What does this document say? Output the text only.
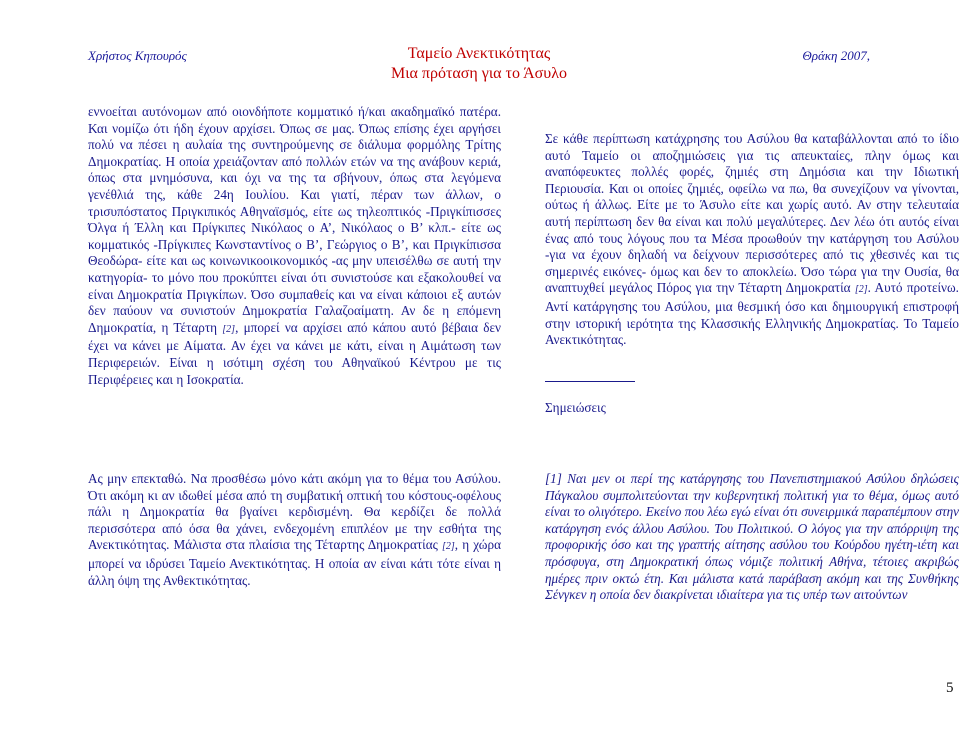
Χρήστος Κηπουρός	Ταμείο Ανεκτικότητας
Μια πρόταση για το Άσυλο
Θράκη 2007,

εννοείται αυτόνομων από οιονδήποτε κομματικό ή/και ακαδημαϊκό πατέρα. Και νομίζω ότι ήδη έχουν αρχίσει. Όπως σε μας. Όπως επίσης έχει αργήσει πολύ να πέσει η αυλαία της συντηρούμενης σε διάλυμα φορμόλης Τρίτης Δημοκρατίας. Η οποία χρειάζονταν από πολλών ετών να της ανάβουν κεριά, όπως στα μνημόσυνα, και όχι να της τα σβήνουν, όπως στα λεγόμενα γενέθλιά της, κάθε 24η Ιουλίου. Και γιατί, πέραν των άλλων, ο τρισυπόστατος Πριγκιπικός Αθηναϊσμός, είτε ως τηλεοπτικός -Πριγκίπισσες Όλγα ή Έλλη και Πρίγκιπες Νικόλαος ο Α’, Νικόλαος ο Β’ κλπ.- είτε ως κομματικός -Πρίγκιπες Κωνσταντίνος ο Β’, Γεώργιος ο Β’, και Πριγκίπισσα Θεοδώρα- είτε και ως κοινωνικοοικονομικός -ας μην υπεισέλθω σε αυτή την κατηγορία- το μόνο που προκύπτει είναι ότι συνιστούσε και εξακολουθεί να είναι Δημοκρατία Πριγκίπων. Όσο συμπαθείς και να είναι κάποιοι εξ αυτών δεν παύουν να συνιστούν Δημοκρατία Γαλαζοαίματη. Αν δε η επόμενη Δημοκρατία, η Τέταρτη [2], μπορεί να αρχίσει από κάπου αυτό βέβαια δεν έχει να κάνει με Αίματα. Αν έχει να κάνει με κάτι, είναι η Αιμάτωση των Περιφερειών. Είναι η ισότιμη σχέση του Αθηναϊκού Κέντρου με τις Περιφέρειες και η Ισοκρατία.

Σε κάθε περίπτωση κατάχρησης του Ασύλου θα καταβάλλονται από το ίδιο αυτό Ταμείο οι αποζημιώσεις για τις απευκταίες, πλην όμως και αναπόφευκτες πολλές φορές, ζημιές στη Δημόσια και την Ιδιωτική Περιουσία. Και οι οποίες ζημιές, οφείλω να πω, θα συνεχίζουν να γίνονται, ούτως ή άλλως. Είτε με το Άσυλο είτε και χωρίς αυτό. Αν στην τελευταία αυτή περίπτωση δεν θα είναι και πολύ μεγαλύτερες. Δεν λέω ότι αυτός είναι ένας από τους λόγους που τα Μέσα προωθούν την κατάργηση του Ασύλου -για να έχουν δηλαδή να δείχνουν περισσότερες από τις χθεσινές και τις σημερινές εικόνες- όμως και δεν το αποκλείω. Όσο τώρα για την Ουσία, θα αναπτυχθεί μεγάλος Πόρος για την Τέταρτη Δημοκρατία [2]. Αυτό προτείνω. Αντί κατάργησης του Ασύλου, μια θεσμική όσο και δημιουργική επιστροφή στην ιστορική ιερότητα της Κλασσικής Ελληνικής Δημοκρατίας. Το Ταμείο Ανεκτικότητας.

Σημειώσεις

Ας μην επεκταθώ. Να προσθέσω μόνο κάτι ακόμη για το θέμα του Ασύλου. Ότι ακόμη κι αν ιδωθεί μέσα από τη συμβατική οπτική του κόστους-οφέλους πάλι η Δημοκρατία θα βγαίνει κερδισμένη. Θα κερδίζει δε πολλά περισσότερα από όσα θα χάνει, ενδεχομένη επιπλέον με την εσθήτα της Ανεκτικότητας. Μάλιστα στα πλαίσια της Τέταρτης Δημοκρατίας [2], η χώρα μπορεί να ιδρύσει Ταμείο Ανεκτικότητας. Η οποία αν είναι κάτι τότε είναι η άλλη όψη της Ανθεκτικότητας.

[1] Ναι μεν οι περί της κατάργησης του Πανεπιστημιακού Ασύλου δηλώσεις Πάγκαλου συμπολιτεύονται την κυβερνητική πολιτική για το θέμα, όμως αυτό είναι το ολιγότερο. Εκείνο που λέω εγώ είναι ότι συνειρμικά παραπέμπουν στην κατάργηση ενός άλλου Ασύλου. Του Πολιτικού. Ο λόγος για την απόρριψη της προφορικής όσο και της γραπτής αίτησης ασύλου του Κούρδου ηγέτη-ιέτη και πρόσφυγα, στη Δημοκρατική όπως νόμιζε πολιτική Αθήνα, τέτοιες ακριβώς ημέρες πριν οκτώ έτη. Και μάλιστα κατά παράβαση ακόμη και της Συνθήκης Σένγκεν η οποία δεν διακρίνεται ιδιαίτερα για τις υπέρ των αιτούντων

5
